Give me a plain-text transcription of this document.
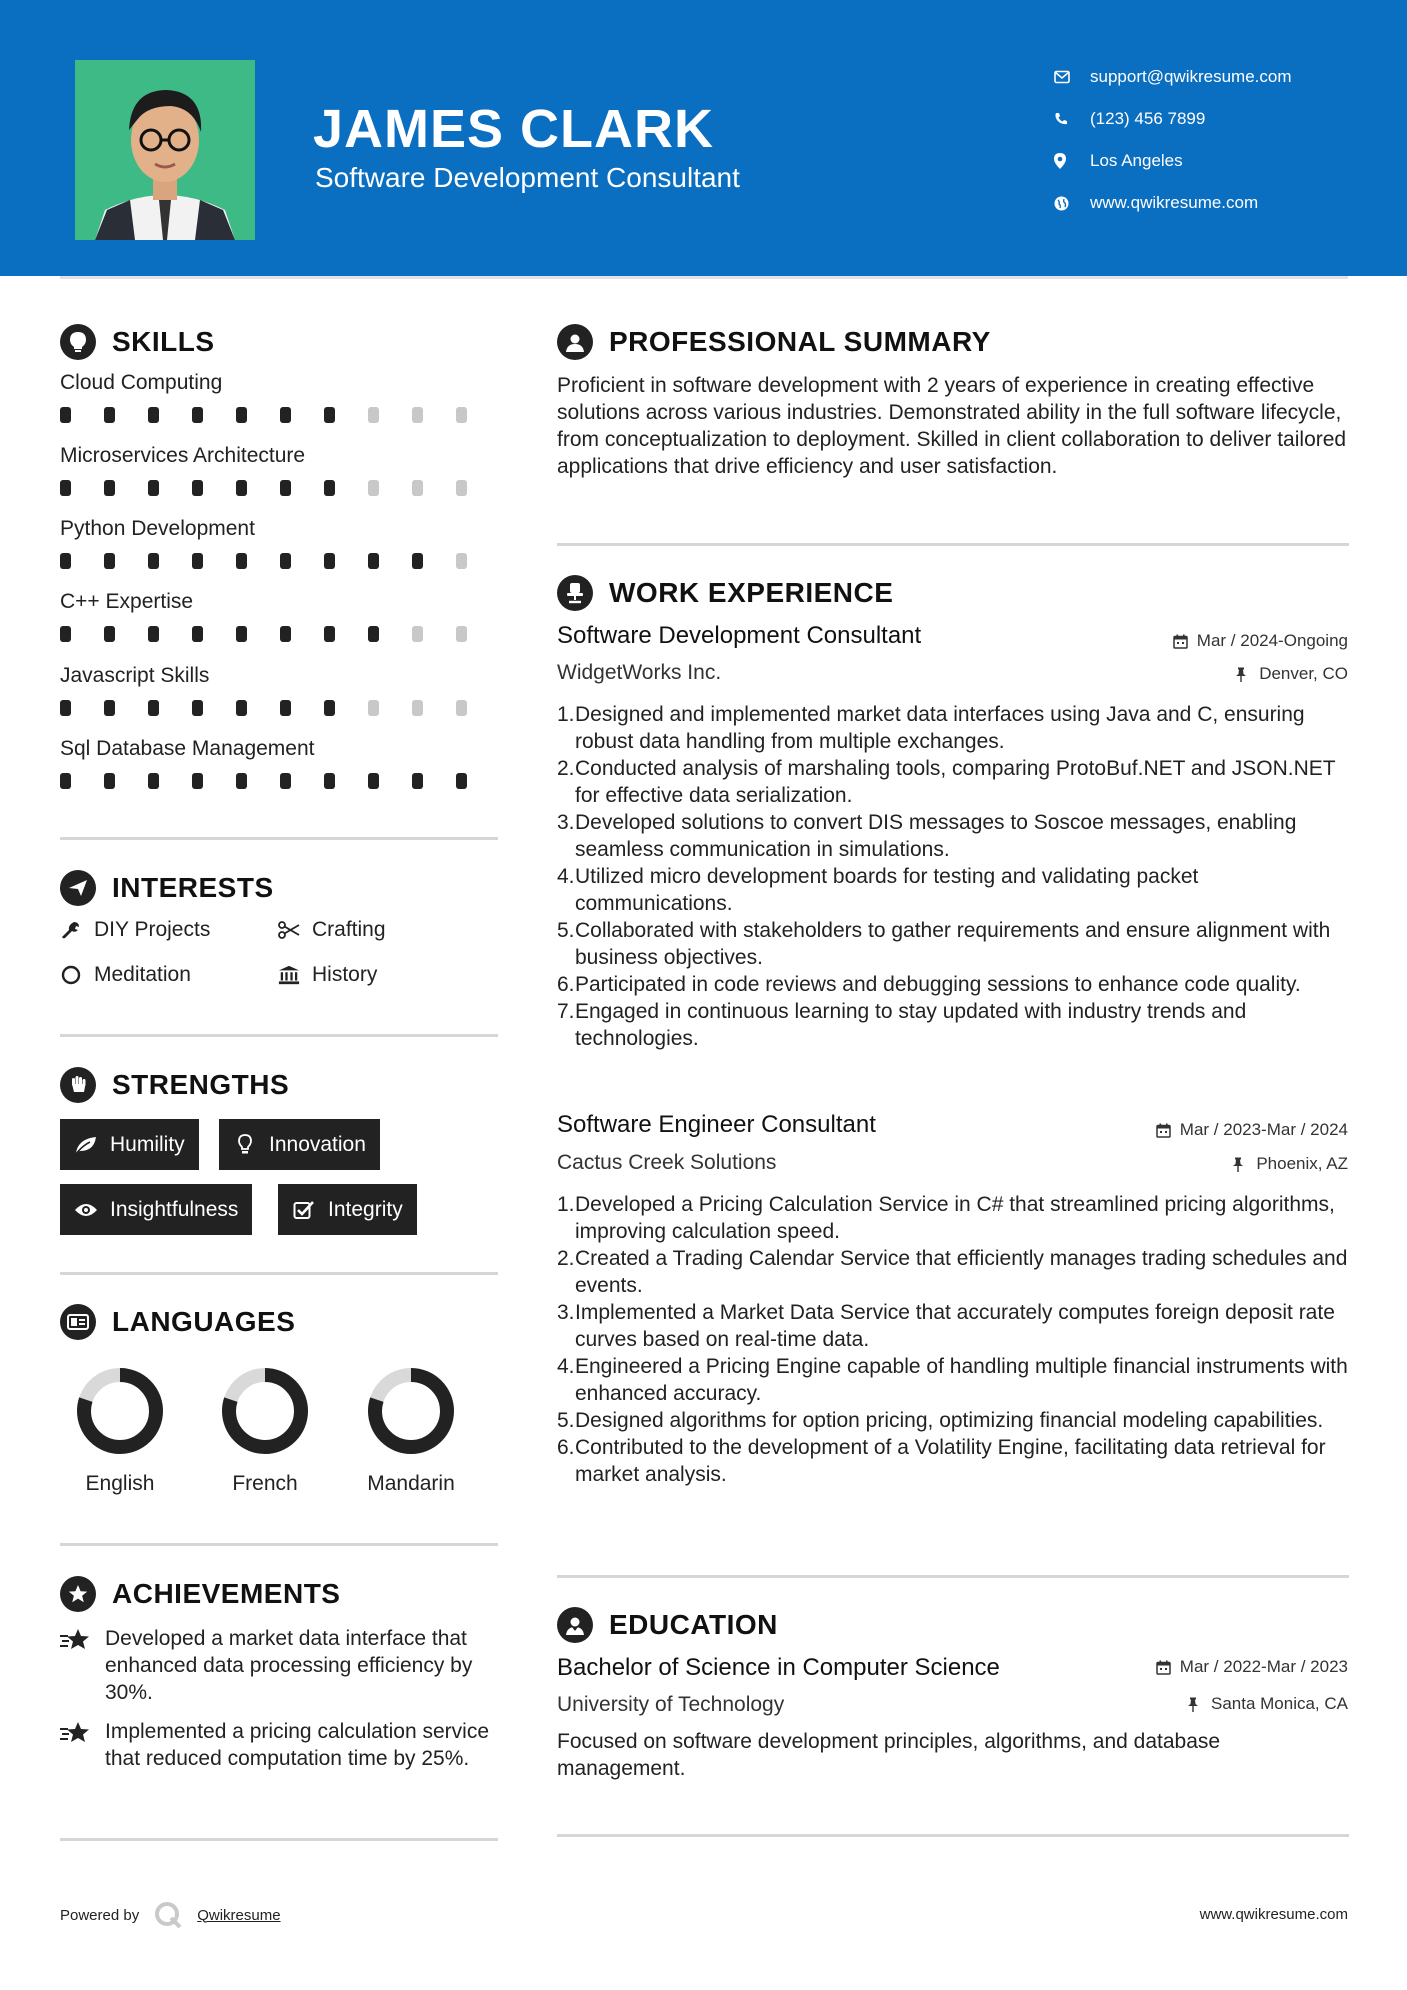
JAMES CLARK
Software Development Consultant
support@qwikresume.com
(123) 456 7899
Los Angeles
www.qwikresume.com
SKILLS
Cloud Computing
Microservices Architecture
Python Development
C++ Expertise
Javascript Skills
Sql Database Management
INTERESTS
DIY Projects	Crafting
Meditation	History
STRENGTHS
Humility	Innovation
Insightfulness	Integrity
LANGUAGES
English	French	Mandarin
ACHIEVEMENTS
Developed a market data interface that enhanced data processing efficiency by 30%.
Implemented a pricing calculation service that reduced computation time by 25%.
PROFESSIONAL SUMMARY
Proficient in software development with 2 years of experience in creating effective solutions across various industries. Demonstrated ability in the full software lifecycle, from conceptualization to deployment. Skilled in client collaboration to deliver tailored applications that drive efficiency and user satisfaction.
WORK EXPERIENCE
Software Development Consultant	Mar / 2024-Ongoing
WidgetWorks Inc.	Denver, CO
1. Designed and implemented market data interfaces using Java and C, ensuring robust data handling from multiple exchanges.
2. Conducted analysis of marshaling tools, comparing ProtoBuf.NET and JSON.NET for effective data serialization.
3. Developed solutions to convert DIS messages to Soscoe messages, enabling seamless communication in simulations.
4. Utilized micro development boards for testing and validating packet communications.
5. Collaborated with stakeholders to gather requirements and ensure alignment with business objectives.
6. Participated in code reviews and debugging sessions to enhance code quality.
7. Engaged in continuous learning to stay updated with industry trends and technologies.
Software Engineer Consultant	Mar / 2023-Mar / 2024
Cactus Creek Solutions	Phoenix, AZ
1. Developed a Pricing Calculation Service in C# that streamlined pricing algorithms, improving calculation speed.
2. Created a Trading Calendar Service that efficiently manages trading schedules and events.
3. Implemented a Market Data Service that accurately computes foreign deposit rate curves based on real-time data.
4. Engineered a Pricing Engine capable of handling multiple financial instruments with enhanced accuracy.
5. Designed algorithms for option pricing, optimizing financial modeling capabilities.
6. Contributed to the development of a Volatility Engine, facilitating data retrieval for market analysis.
EDUCATION
Bachelor of Science in Computer Science	Mar / 2022-Mar / 2023
University of Technology	Santa Monica, CA
Focused on software development principles, algorithms, and database management.
Powered by	Qwikresume	www.qwikresume.com
